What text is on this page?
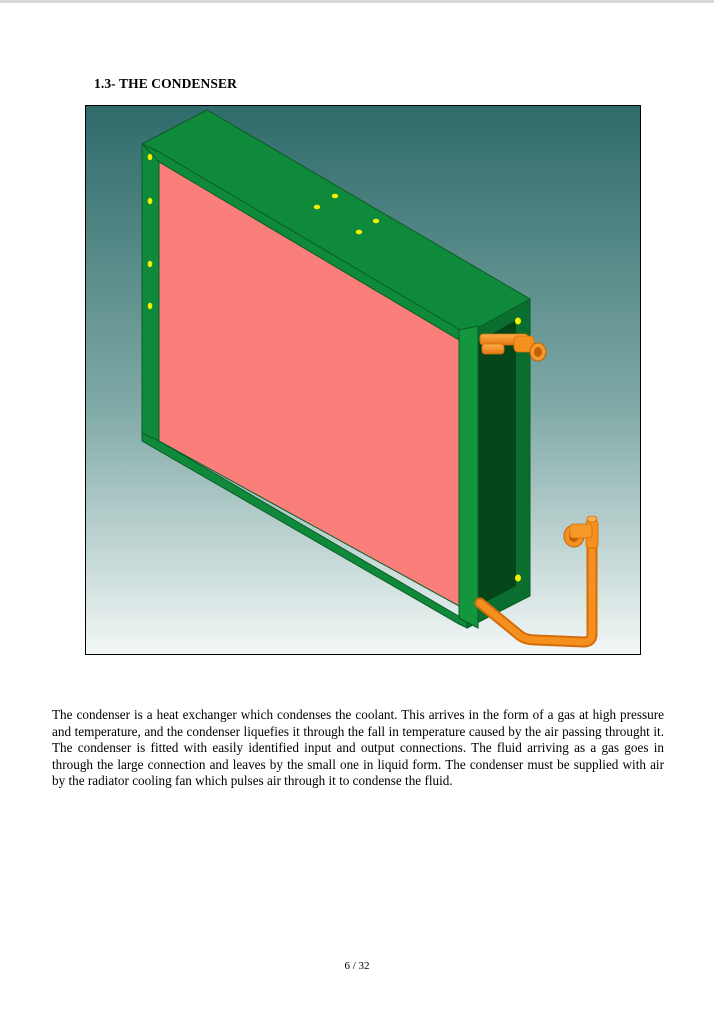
1.3- THE CONDENSER

The condenser is a heat exchanger which condenses the coolant. This arrives in the form of a gas at high pressure and temperature, and the condenser liquefies it through the fall in temperature caused by the air passing throught it. The condenser is fitted with easily identified input and output connections. The fluid arriving as a gas goes in through the large connection and leaves by the small one in liquid form. The condenser must be supplied with air by the radiator cooling fan which pulses air through it to condense the fluid.

6 / 32
